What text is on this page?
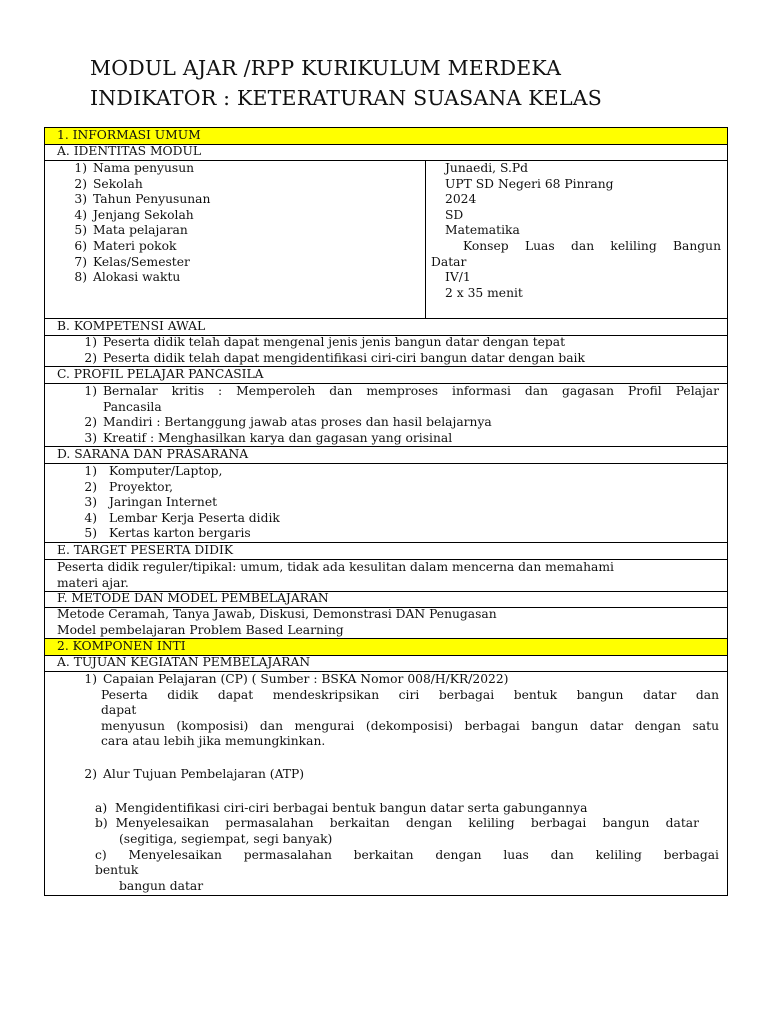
MODUL AJAR /RPP KURIKULUM MERDEKA
INDIKATOR : KETERATURAN SUASANA KELAS
1. INFORMASI UMUM
A. IDENTITAS MODUL
1) Nama penyusun
2) Sekolah
3) Tahun Penyusunan
4) Jenjang Sekolah
5) Mata pelajaran
6) Materi pokok
7) Kelas/Semester
8) Alokasi waktu
Junaedi, S.Pd
UPT SD Negeri 68 Pinrang
2024
SD
Matematika
Konsep Luas dan keliling Bangun
Datar
IV/1
2 x 35 menit
B. KOMPETENSI AWAL
1) Peserta didik telah dapat mengenal jenis jenis bangun datar dengan tepat
2) Peserta didik telah dapat mengidentifikasi ciri-ciri bangun datar dengan baik
C. PROFIL PELAJAR PANCASILA
1) Bernalar kritis : Memperoleh dan memproses informasi dan gagasan Profil Pelajar
Pancasila
2) Mandiri : Bertanggung jawab atas proses dan hasil belajarnya
3) Kreatif : Menghasilkan karya dan gagasan yang orisinal
D. SARANA DAN PRASARANA
1) Komputer/Laptop,
2) Proyektor,
3) Jaringan Internet
4) Lembar Kerja Peserta didik
5) Kertas karton bergaris
E. TARGET PESERTA DIDIK
Peserta didik reguler/tipikal: umum, tidak ada kesulitan dalam mencerna dan memahami
materi ajar.
F. METODE DAN MODEL PEMBELAJARAN
Metode Ceramah, Tanya Jawab, Diskusi, Demonstrasi DAN Penugasan
Model pembelajaran Problem Based Learning
2. KOMPONEN INTI
A. TUJUAN KEGIATAN PEMBELAJARAN
1) Capaian Pelajaran (CP) ( Sumber : BSKA Nomor 008/H/KR/2022)
Peserta didik dapat mendeskripsikan ciri berbagai bentuk bangun datar dan
dapat
menyusun (komposisi) dan mengurai (dekomposisi) berbagai bangun datar dengan satu
cara atau lebih jika memungkinkan.
2) Alur Tujuan Pembelajaran (ATP)
a) Mengidentifikasi ciri-ciri berbagai bentuk bangun datar serta gabungannya
b) Menyelesaikan permasalahan berkaitan dengan keliling berbagai bangun datar
(segitiga, segiempat, segi banyak)
c) Menyelesaikan permasalahan berkaitan dengan luas dan keliling berbagai
bentuk
bangun datar
